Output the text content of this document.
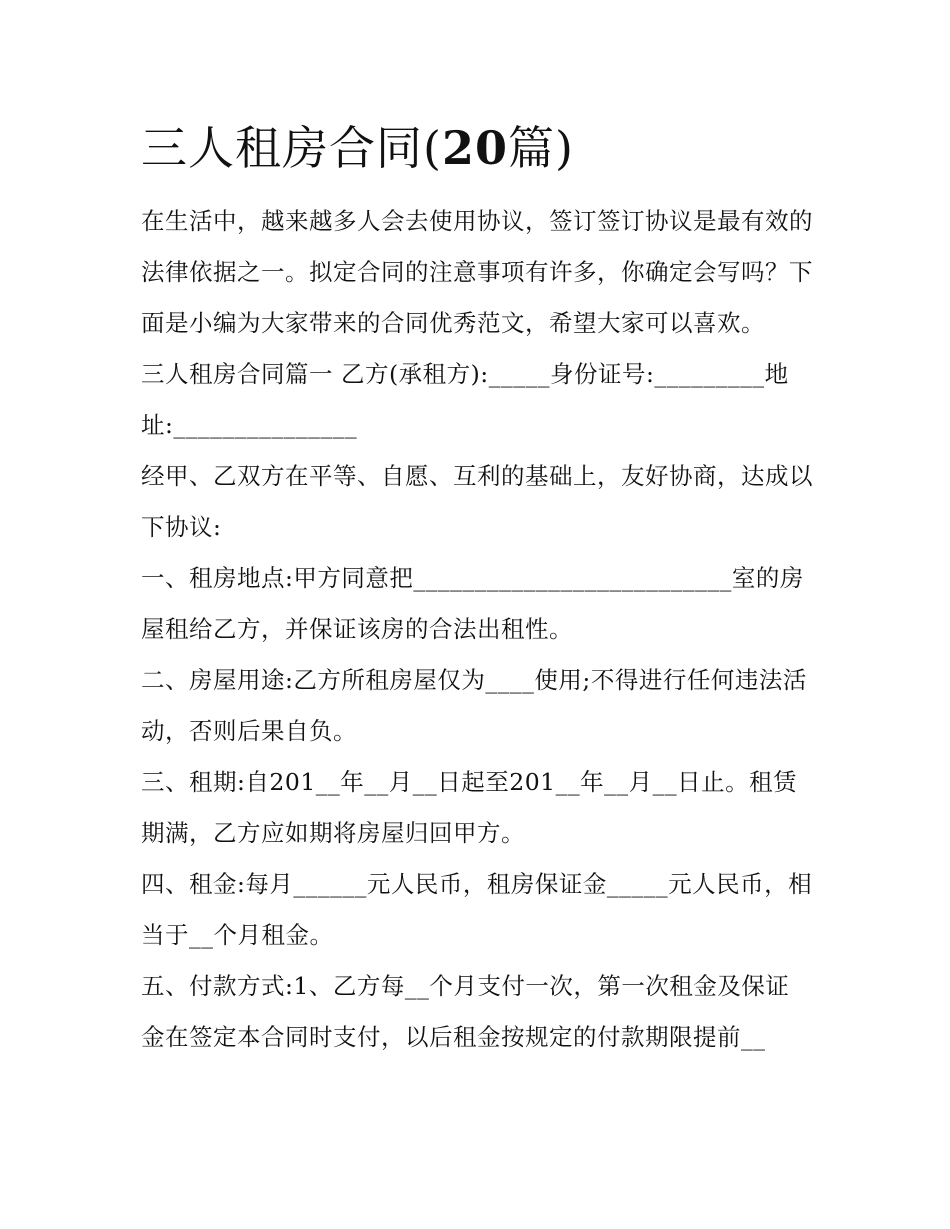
三人租房合同(20篇)

在生活中，越来越多人会去使用协议，签订签订协议是最有效的法律依据之一。拟定合同的注意事项有许多，你确定会写吗？下面是小编为大家带来的合同优秀范文，希望大家可以喜欢。

三人租房合同篇一 乙方(承租方):_____身份证号:_________地址:_______________

经甲、乙双方在平等、自愿、互利的基础上，友好协商，达成以下协议:

一、租房地点:甲方同意把__________________________室的房屋租给乙方，并保证该房的合法出租性。

二、房屋用途:乙方所租房屋仅为____使用;不得进行任何违法活动，否则后果自负。

三、租期:自201__年__月__日起至201__年__月__日止。租赁期满，乙方应如期将房屋归回甲方。

四、租金:每月______元人民币，租房保证金_____元人民币，相当于__个月租金。

五、付款方式:1、乙方每__个月支付一次，第一次租金及保证金在签定本合同时支付，以后租金按规定的付款期限提前__
